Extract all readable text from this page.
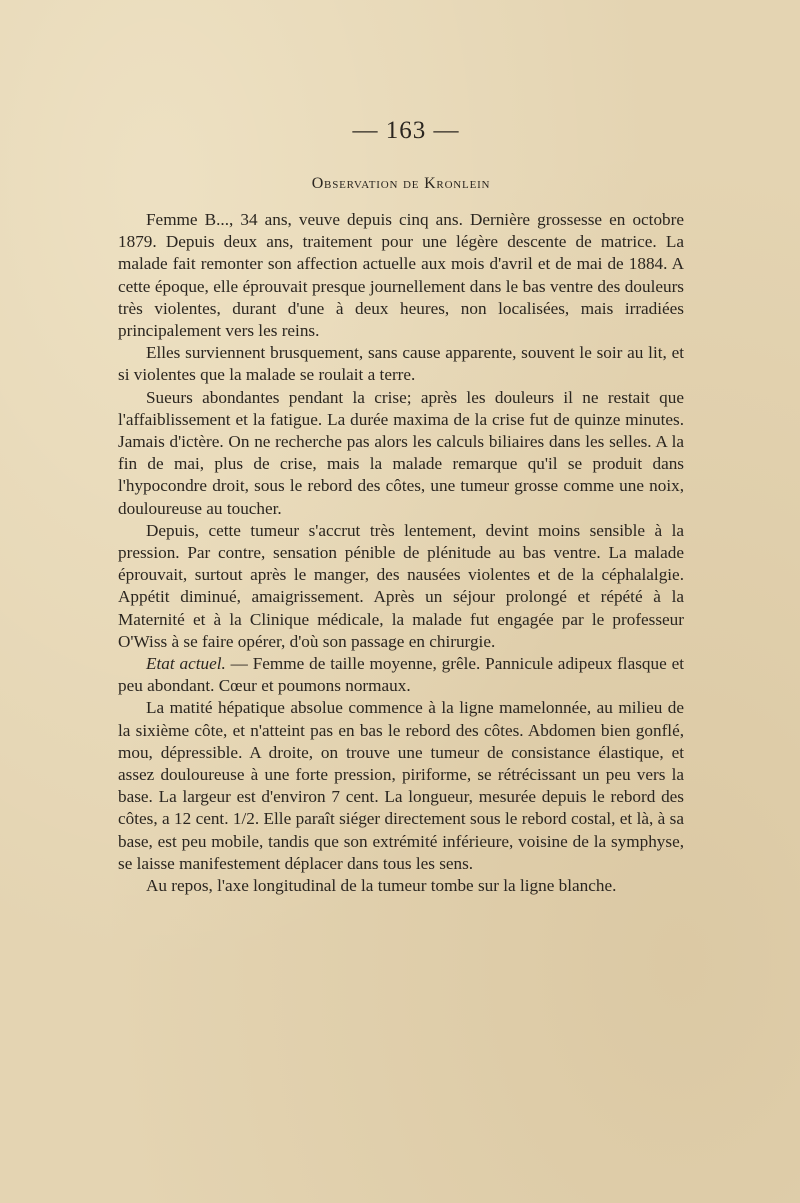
— 163 —
Observation de Kronlein

Femme B..., 34 ans, veuve depuis cinq ans. Dernière grossesse en octobre 1879. Depuis deux ans, traitement pour une légère descente de matrice. La malade fait remonter son affection actuelle aux mois d'avril et de mai de 1884. A cette époque, elle éprouvait presque journellement dans le bas ventre des douleurs très violentes, durant d'une à deux heures, non localisées, mais irradiées principalement vers les reins.

Elles surviennent brusquement, sans cause apparente, souvent le soir au lit, et si violentes que la malade se roulait a terre.

Sueurs abondantes pendant la crise; après les douleurs il ne restait que l'affaiblissement et la fatigue. La durée maxima de la crise fut de quinze minutes. Jamais d'ictère. On ne recherche pas alors les calculs biliaires dans les selles. A la fin de mai, plus de crise, mais la malade remarque qu'il se produit dans l'hypocondre droit, sous le rebord des côtes, une tumeur grosse comme une noix, douloureuse au toucher.

Depuis, cette tumeur s'accrut très lentement, devint moins sensible à la pression. Par contre, sensation pénible de plénitude au bas ventre. La malade éprouvait, surtout après le manger, des nausées violentes et de la céphalalgie. Appétit diminué, amaigrissement. Après un séjour prolongé et répété à la Maternité et à la Clinique médicale, la malade fut engagée par le professeur O'Wiss à se faire opérer, d'où son passage en chirurgie.

Etat actuel. — Femme de taille moyenne, grêle. Pannicule adipeux flasque et peu abondant. Cœur et poumons normaux.

La matité hépatique absolue commence à la ligne mamelonnée, au milieu de la sixième côte, et n'atteint pas en bas le rebord des côtes. Abdomen bien gonflé, mou, dépressible. A droite, on trouve une tumeur de consistance élastique, et assez douloureuse à une forte pression, piriforme, se rétrécissant un peu vers la base. La largeur est d'environ 7 cent. La longueur, mesurée depuis le rebord des côtes, a 12 cent. 1/2. Elle paraît siéger directement sous le rebord costal, et là, à sa base, est peu mobile, tandis que son extrémité inférieure, voisine de la symphyse, se laisse manifestement déplacer dans tous les sens.

Au repos, l'axe longitudinal de la tumeur tombe sur la ligne blanche.
